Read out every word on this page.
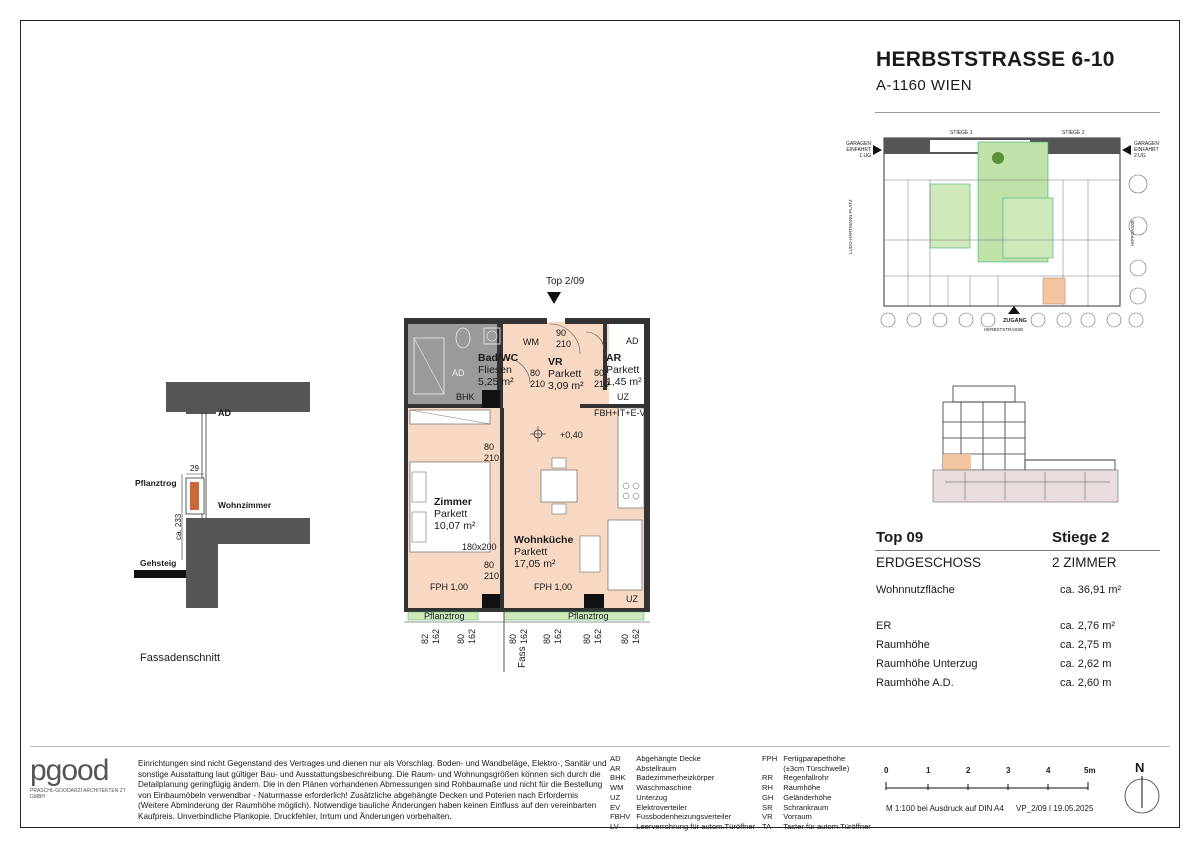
HERBSTSTRASSE 6-10
A-1160 WIEN
STIEGE 1	STIEGE 2
GARAGEN
EINFAHRT
1.UG
GARAGEN
EINFAHRT
2.UG
LUDO-HARTMANN-PLATZ	HIPPGASSE
ZUGANG
HERBSTSTRASSE
Top 09	Stiege 2
ERDGESCHOSS	2 ZIMMER
Wohnnutzfläche	ca. 36,91 m²
ER	ca. 2,76 m²
Raumhöhe	ca. 2,75 m
Raumhöhe Unterzug	ca. 2,62 m
Raumhöhe A.D.	ca. 2,60 m
AD
Pflanztrog
29
ca. 233
Wohnzimmer
Gehsteig
Fassadenschnitt
Top 2/09
Bad/WC
Fliesen
5,25 m²
VR
Parkett
3,09 m²
AR
Parkett
1,45 m²
Zimmer
Parkett
10,07 m²
Wohnküche
Parkett
17,05 m²
WM
BHK
AD
AD
UZ
UZ
FBH+IT+E-V
+0,40
180x200
FPH 1,00	FPH 1,00
Pflanztrog	Pflanztrog
90
210
80
210
80
210
80
210
80
210
82 162 80 162	80 162 80 162 80 162 80 162
Fass
pgood
PRASCHL-GOODARZI ARCHITEKTEN ZT GMBH
Einrichtungen sind nicht Gegenstand des Vertrages und dienen nur als Vorschlag. Boden- und Wandbeläge, Elektro-, Sanitär und sonstige Ausstattung laut gültiger Bau- und Ausstattungsbeschreibung. Die Raum- und Wohnungsgrößen können sich durch die Detailplanung geringfügig ändern. Die in den Plänen vorhandenen Abmessungen sind Rohbaumaße und nicht für die Bestellung von Einbaumöbeln verwendbar - Naturmasse erforderlich! Zusätzliche abgehängte Decken und Poterien nach Erfordernis (Weitere Abminderung der Raumhöhe möglich). Notwendige bauliche Änderungen haben keinen Einfluss auf den vereinbarten Kaufpreis. Unverbindliche Plankopie. Druckfehler, Irrtum und Änderungen vorbehalten.
AD	Abgehängte Decke
AR	Abstellraum
BHK	Badezimmerheizkörper
WM	Waschmaschine
UZ	Unterzug
EV	Elektroverteiler
FBHV	Fussbodenheizungsverteiler
LV	Leerverrohrung für autom.Türöffner
FPH	Fertigparapethöhe
	(±3cm Türschwelle)
RR	Regenfallrohr
RH	Raumhöhe
GH	Geländerhöhe
SR	Schrankraum
VR	Vorraum
TA	Taster für autom.Türöffner
0	1	2	3	4	5m
M 1:100 bei Ausdruck auf DIN A4 VP_2/09 I 19.05.2025
N
